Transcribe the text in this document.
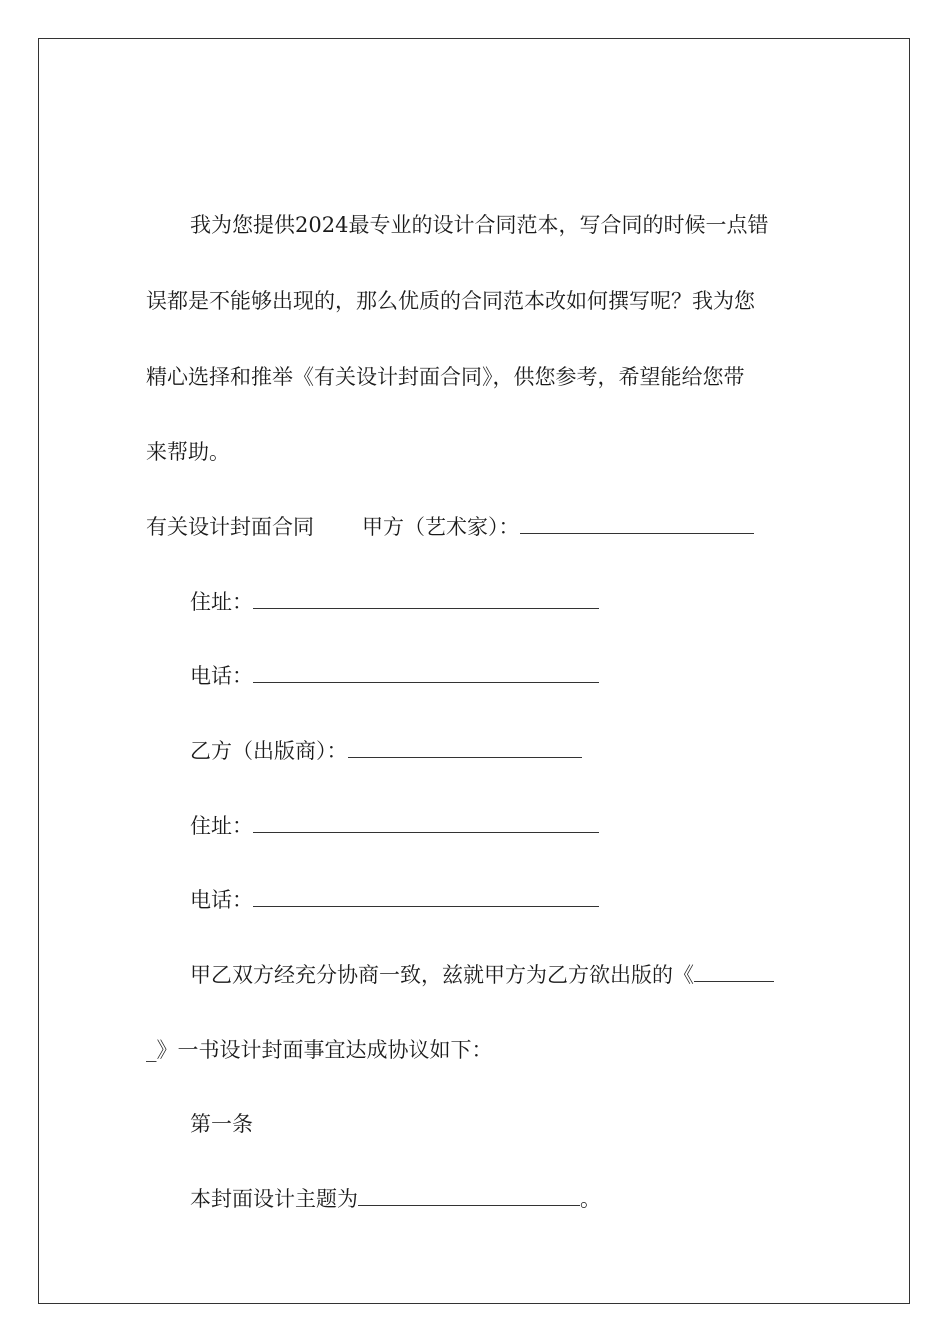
我为您提供2024最专业的设计合同范本，写合同的时候一点错
误都是不能够出现的，那么优质的合同范本改如何撰写呢？我为您
精心选择和推举《有关设计封面合同》，供您参考，希望能给您带
来帮助。
有关设计封面合同 甲方（艺术家）：
住址：
电话：
乙方（出版商）：
住址：
电话：
甲乙双方经充分协商一致，兹就甲方为乙方欲出版的《
_》一书设计封面事宜达成协议如下：
第一条
本封面设计主题为	。
